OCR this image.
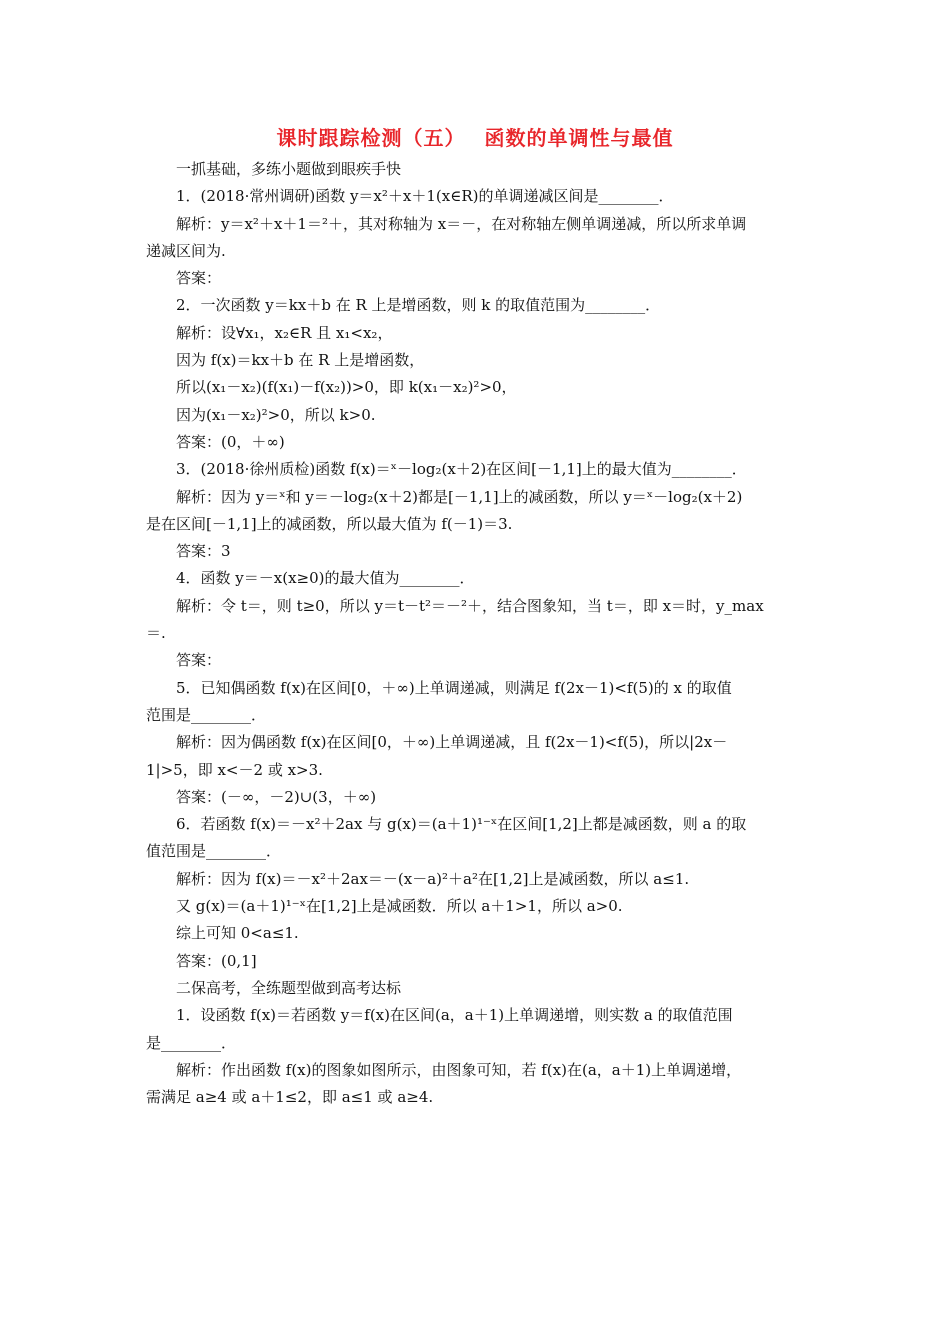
课时跟踪检测（五）　 函数的单调性与最值
一抓基础，多练小题做到眼疾手快
1．(2018·常州调研)函数 y＝x²＋x＋1(x∈R)的单调递减区间是________．
解析：y＝x²＋x＋1＝²＋，其对称轴为 x＝－，在对称轴左侧单调递减，所以所求单调
递减区间为.
答案：
2．一次函数 y＝kx＋b 在 R 上是增函数，则 k 的取值范围为________．
解析：设∀x₁，x₂∈R 且 x₁<x₂，
因为 f(x)＝kx＋b 在 R 上是增函数，
所以(x₁－x₂)(f(x₁)－f(x₂))>0，即 k(x₁－x₂)²>0，
因为(x₁－x₂)²>0，所以 k>0.
答案：(0，＋∞)
3．(2018·徐州质检)函数 f(x)＝ˣ－log₂(x＋2)在区间[－1,1]上的最大值为________．
解析：因为 y＝ˣ和 y＝－log₂(x＋2)都是[－1,1]上的减函数，所以 y＝ˣ－log₂(x＋2)
是在区间[－1,1]上的减函数，所以最大值为 f(－1)＝3.
答案：3
4．函数 y＝－x(x≥0)的最大值为________．
解析：令 t＝，则 t≥0，所以 y＝t－t²＝－²＋，结合图象知，当 t＝，即 x＝时，y_max
＝.
答案：
5．已知偶函数 f(x)在区间[0，＋∞)上单调递减，则满足 f(2x－1)<f(5)的 x 的取值
范围是________．
解析：因为偶函数 f(x)在区间[0，＋∞)上单调递减，且 f(2x－1)<f(5)，所以|2x－
1|>5，即 x<－2 或 x>3.
答案：(－∞，－2)∪(3，＋∞)
6．若函数 f(x)＝－x²＋2ax 与 g(x)＝(a＋1)¹⁻ˣ在区间[1,2]上都是减函数，则 a 的取
值范围是________．
解析：因为 f(x)＝－x²＋2ax＝－(x－a)²＋a²在[1,2]上是减函数，所以 a≤1.
又 g(x)＝(a＋1)¹⁻ˣ在[1,2]上是减函数．所以 a＋1>1，所以 a>0.
综上可知 0<a≤1.
答案：(0,1]
二保高考，全练题型做到高考达标
1．设函数 f(x)＝若函数 y＝f(x)在区间(a，a＋1)上单调递增，则实数 a 的取值范围
是________．
解析：作出函数 f(x)的图象如图所示，由图象可知，若 f(x)在(a，a＋1)上单调递增，
需满足 a≥4 或 a＋1≤2，即 a≤1 或 a≥4.
